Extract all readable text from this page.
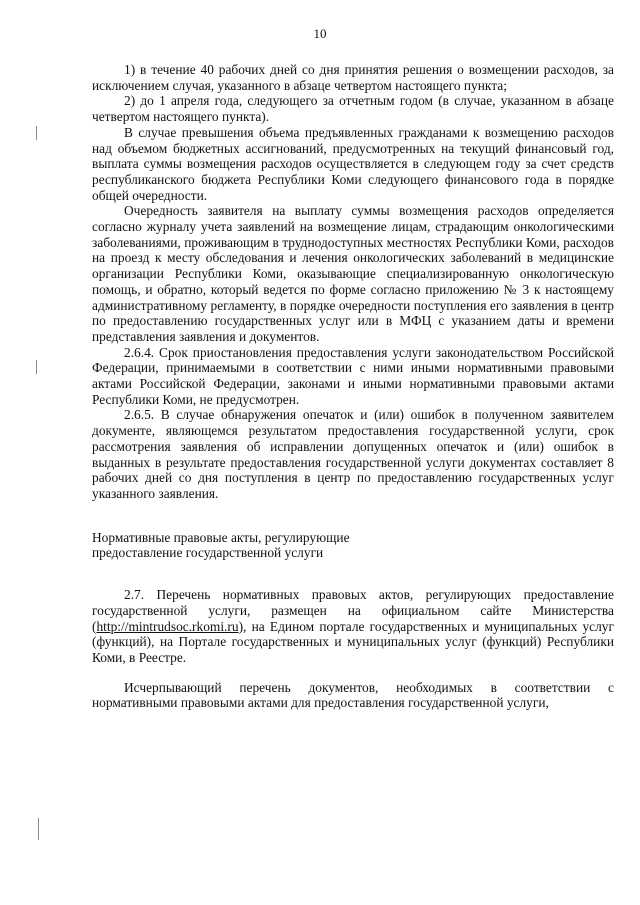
10

1) в течение 40 рабочих дней со дня принятия решения о возмещении расходов, за исключением случая, указанного в абзаце четвертом настоящего пункта;

2) до 1 апреля года, следующего за отчетным годом (в случае, указанном в абзаце четвертом настоящего пункта).

В случае превышения объема предъявленных гражданами к возмещению расходов над объемом бюджетных ассигнований, предусмотренных на текущий финансовый год, выплата суммы возмещения расходов осуществляется в следующем году за счет средств республиканского бюджета Республики Коми следующего финансового года в порядке общей очередности.

Очередность заявителя на выплату суммы возмещения расходов определяется согласно журналу учета заявлений на возмещение лицам, страдающим онкологическими заболеваниями, проживающим в труднодоступных местностях Республики Коми, расходов на проезд к месту обследования и лечения онкологических заболеваний в медицинские организации Республики Коми, оказывающие специализированную онкологическую помощь, и обратно, который ведется по форме согласно приложению № 3 к настоящему административному регламенту, в порядке очередности поступления его заявления в центр по предоставлению государственных услуг или в МФЦ с указанием даты и времени представления заявления и документов.

2.6.4. Срок приостановления предоставления услуги законодательством Российской Федерации, принимаемыми в соответствии с ними иными нормативными правовыми актами Российской Федерации, законами и иными нормативными правовыми актами Республики Коми, не предусмотрен.

2.6.5. В случае обнаружения опечаток и (или) ошибок в полученном заявителем документе, являющемся результатом предоставления государственной услуги, срок рассмотрения заявления об исправлении допущенных опечаток и (или) ошибок в выданных в результате предоставления государственной услуги документах составляет 8 рабочих дней со дня поступления в центр по предоставлению государственных услуг указанного заявления.

Нормативные правовые акты, регулирующие
предоставление государственной услуги

2.7. Перечень нормативных правовых актов, регулирующих предоставление государственной услуги, размещен на официальном сайте Министерства (http://mintrudsoc.rkomi.ru), на Едином портале государственных и муниципальных услуг (функций), на Портале государственных и муниципальных услуг (функций) Республики Коми, в Реестре.

Исчерпывающий перечень документов, необходимых в соответствии с нормативными правовыми актами для предоставления государственной услуги,
